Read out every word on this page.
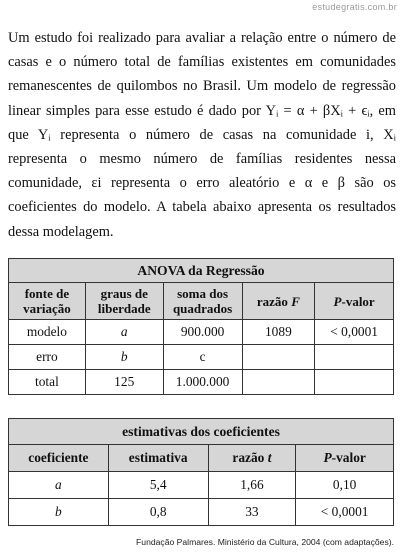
estudegratis.com.br
Um estudo foi realizado para avaliar a relação entre o número de
casas e o número total de famílias existentes em comunidades
remanescentes de quilombos no Brasil. Um modelo de regressão
linear simples para esse estudo é dado por Yᵢ = α + βXᵢ + ϵᵢ, em
que Yᵢ representa o número de casas na comunidade i, Xᵢ
representa o mesmo número de famílias residentes nessa
comunidade, εi representa o erro aleatório e α e β são os
coeficientes do modelo. A tabela abaixo apresenta os resultados
dessa modelagem.
ANOVA da Regressão				
fonte de variação	graus de liberdade	soma dos quadrados	razão F	P-valor
modelo	a	900.000	1089	< 0,0001
erro	b	c		
total	125	1.000.000		
estimativas dos coeficientes			
coeficiente	estimativa	razão t	P-valor
a	5,4	1,66	0,10
b	0,8	33	< 0,0001
Fundação Palmares. Ministério da Cultura, 2004 (com adaptações).
